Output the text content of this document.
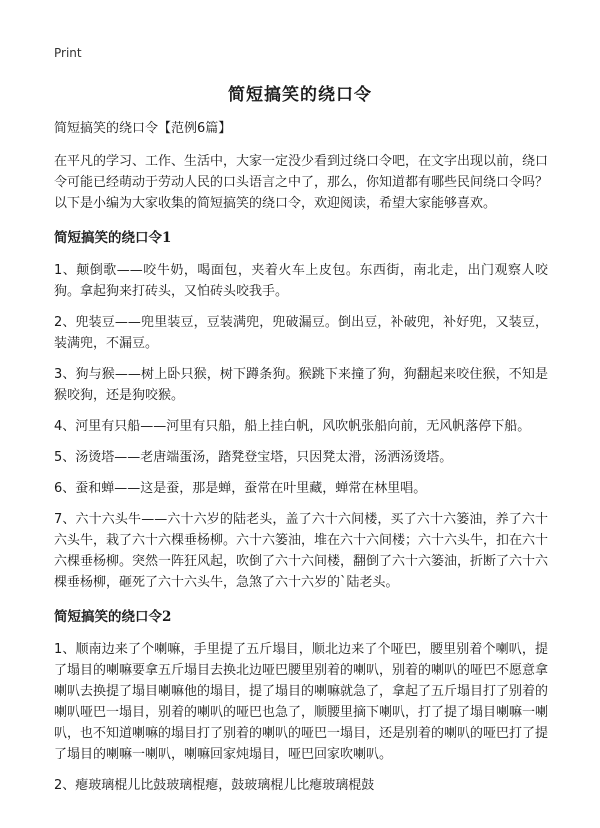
Print
简短搞笑的绕口令

简短搞笑的绕口令【范例6篇】

在平凡的学习、工作、生活中，大家一定没少看到过绕口令吧，在文字出现以前，绕口令可能已经萌动于劳动人民的口头语言之中了，那么，你知道都有哪些民间绕口令吗？以下是小编为大家收集的简短搞笑的绕口令，欢迎阅读，希望大家能够喜欢。

简短搞笑的绕口令1

1、颠倒歌——咬牛奶，喝面包，夹着火车上皮包。东西街，南北走，出门观察人咬狗。拿起狗来打砖头，又怕砖头咬我手。

2、兜装豆——兜里装豆，豆装满兜，兜破漏豆。倒出豆，补破兜，补好兜，又装豆，装满兜，不漏豆。

3、狗与猴——树上卧只猴，树下蹲条狗。猴跳下来撞了狗，狗翻起来咬住猴，不知是猴咬狗，还是狗咬猴。

4、河里有只船——河里有只船，船上挂白帆，风吹帆张船向前，无风帆落停下船。

5、汤烫塔——老唐端蛋汤，踏凳登宝塔，只因凳太滑，汤洒汤烫塔。

6、蚕和蝉——这是蚕，那是蝉，蚕常在叶里藏，蝉常在林里唱。

7、六十六头牛——六十六岁的陆老头，盖了六十六间楼，买了六十六篓油，养了六十六头牛，栽了六十六棵垂杨柳。六十六篓油，堆在六十六间楼；六十六头牛，扣在六十六棵垂杨柳。突然一阵狂风起，吹倒了六十六间楼，翻倒了六十六篓油，折断了六十六棵垂杨柳，砸死了六十六头牛，急煞了六十六岁的`陆老头。

简短搞笑的绕口令2

1、顺南边来了个喇嘛，手里提了五斤塌目，顺北边来了个哑巴，腰里别着个喇叭，提了塌目的喇嘛要拿五斤塌目去换北边哑巴腰里别着的喇叭，别着的喇叭的哑巴不愿意拿喇叭去换提了塌目喇嘛他的塌目，提了塌目的喇嘛就急了，拿起了五斤塌目打了别着的喇叭哑巴一塌目，别着的喇叭的哑巴也急了，顺腰里摘下喇叭，打了提了塌目喇嘛一喇叭，也不知道喇嘛的塌目打了别着的喇叭的哑巴一塌目，还是别着的喇叭的哑巴打了提了塌目的喇嘛一喇叭，喇嘛回家炖塌目，哑巴回家吹喇叭。

2、瘪玻璃棍儿比鼓玻璃棍瘪，鼓玻璃棍儿比瘪玻璃棍鼓
